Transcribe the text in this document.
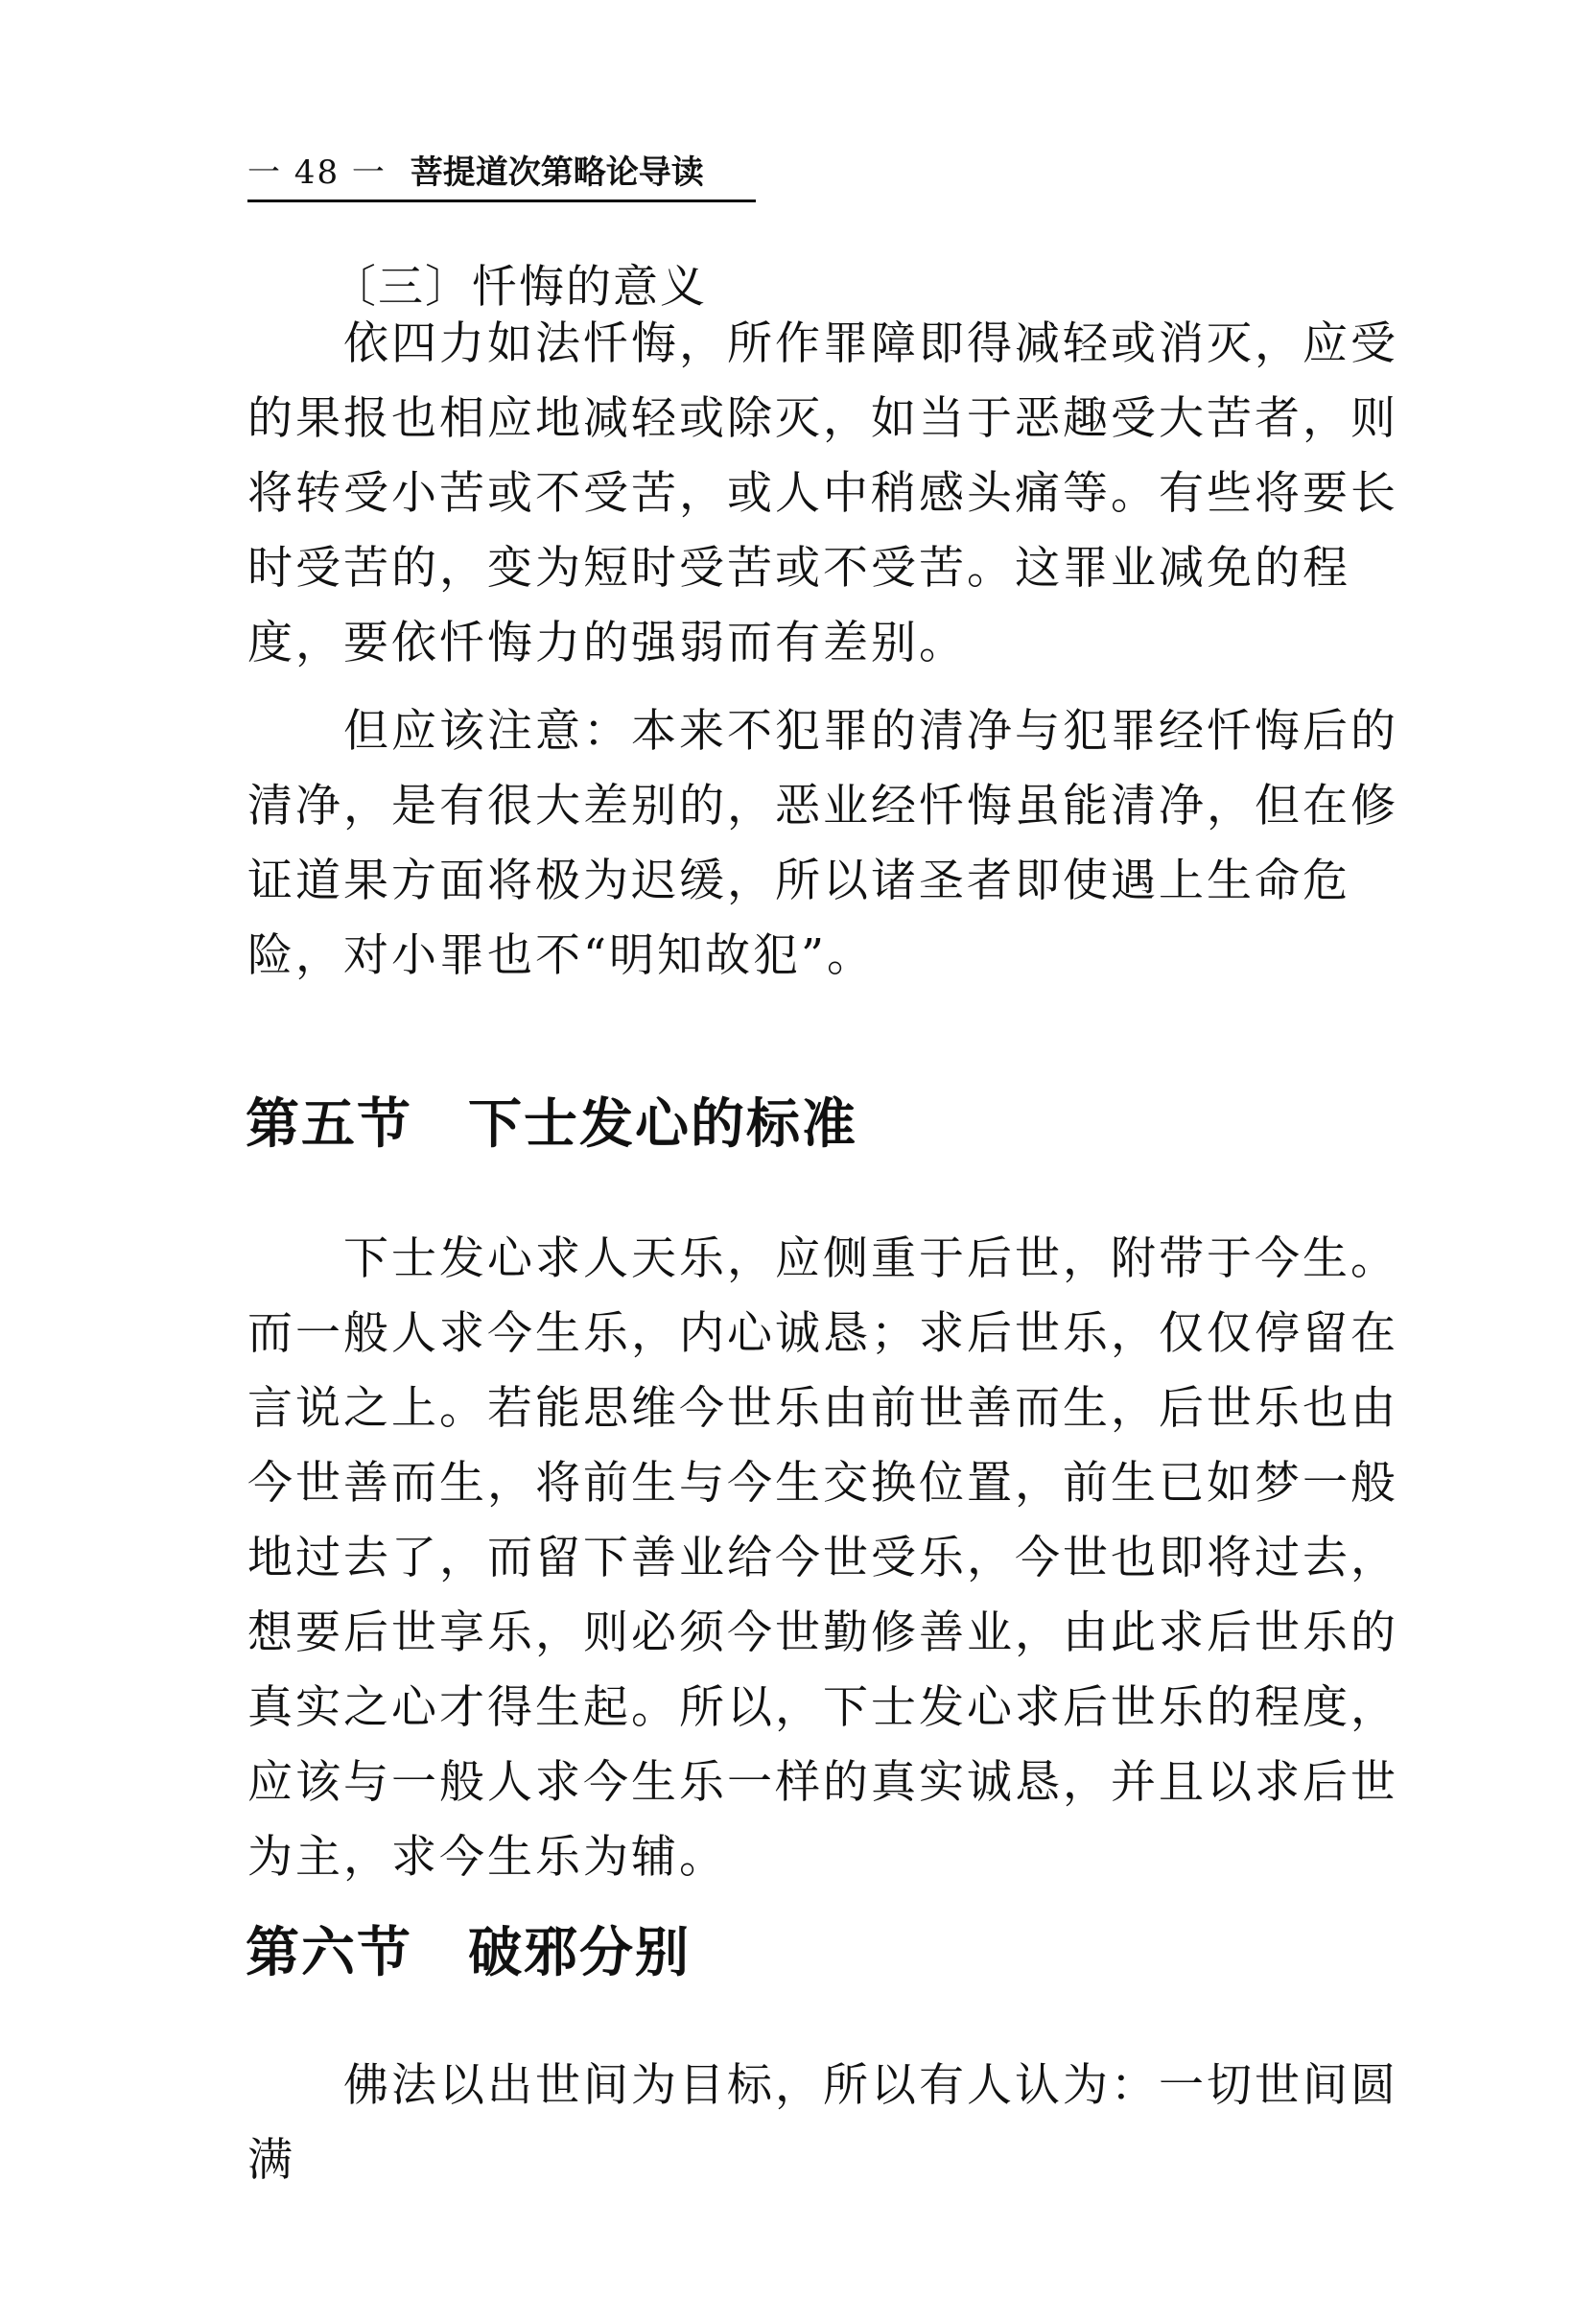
一 48 一 菩提道次第略论导读
〔三〕忏悔的意义

　　依四力如法忏悔，所作罪障即得减轻或消灭，应受的果报也相应地减轻或除灭，如当于恶趣受大苦者，则将转受小苦或不受苦，或人中稍感头痛等。有些将要长时受苦的，变为短时受苦或不受苦。这罪业减免的程度，要依忏悔力的强弱而有差别。

　　但应该注意：本来不犯罪的清净与犯罪经忏悔后的清净，是有很大差别的，恶业经忏悔虽能清净，但在修证道果方面将极为迟缓，所以诸圣者即使遇上生命危险，对小罪也不“明知故犯”。

第五节　下士发心的标准

　　下士发心求人天乐，应侧重于后世，附带于今生。而一般人求今生乐，内心诚恳；求后世乐，仅仅停留在言说之上。若能思维今世乐由前世善而生，后世乐也由今世善而生，将前生与今生交换位置，前生已如梦一般地过去了，而留下善业给今世受乐，今世也即将过去，想要后世享乐，则必须今世勤修善业，由此求后世乐的真实之心才得生起。所以，下士发心求后世乐的程度，应该与一般人求今生乐一样的真实诚恳，并且以求后世为主，求今生乐为辅。

第六节　破邪分别

　　佛法以出世间为目标，所以有人认为：一切世间圆满
